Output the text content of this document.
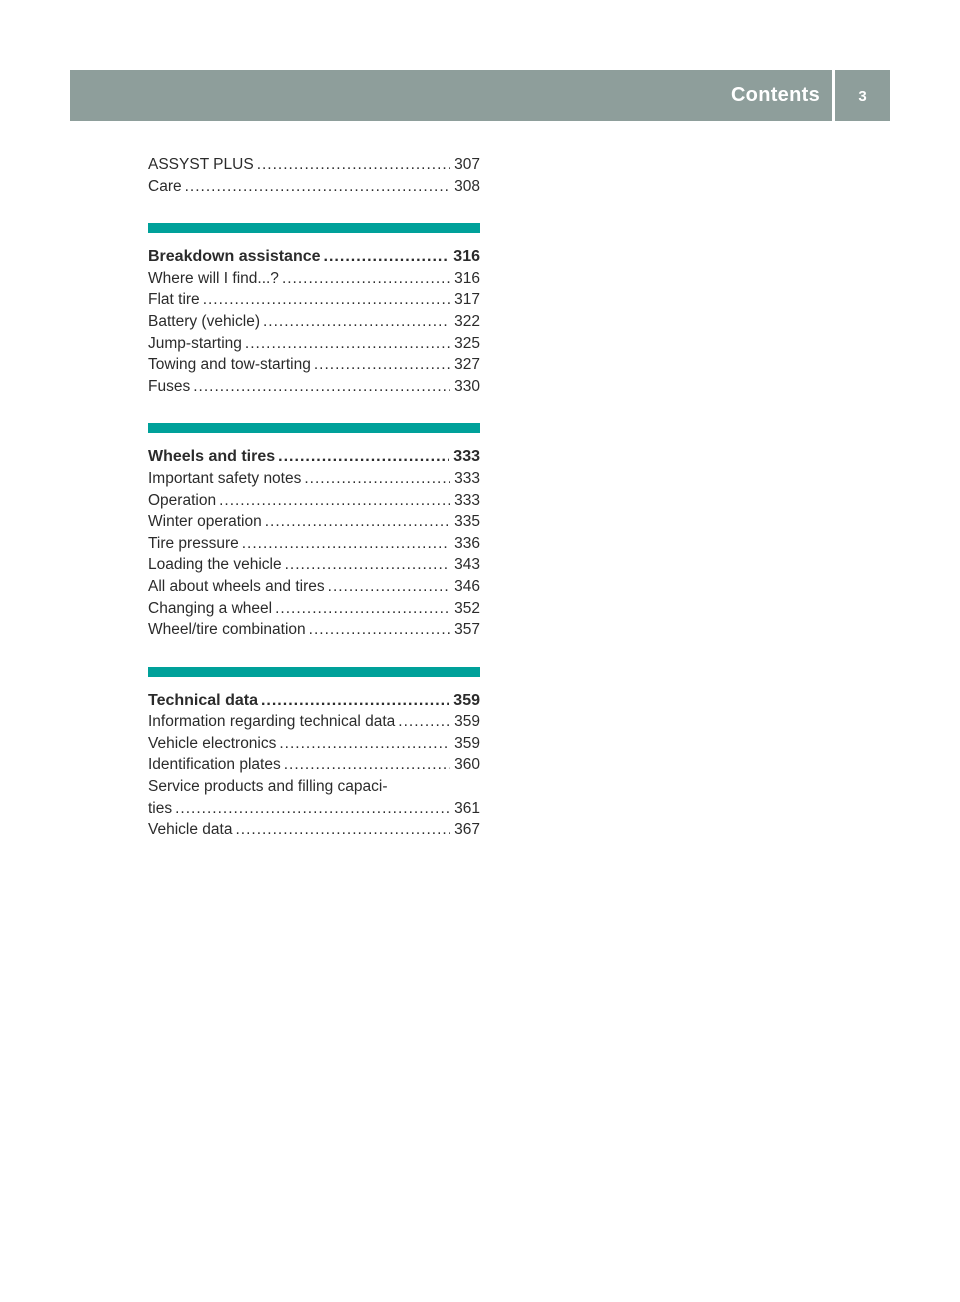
Contents	3
ASSYST PLUS .....	307
Care .....	308
Breakdown assistance .....	316
Where will I find...? .....	316
Flat tire .....	317
Battery (vehicle) .....	322
Jump-starting .....	325
Towing and tow-starting .....	327
Fuses .....	330
Wheels and tires .....	333
Important safety notes .....	333
Operation .....	333
Winter operation .....	335
Tire pressure .....	336
Loading the vehicle .....	343
All about wheels and tires .....	346
Changing a wheel .....	352
Wheel/tire combination .....	357
Technical data .....	359
Information regarding technical data .....	359
Vehicle electronics .....	359
Identification plates .....	360
Service products and filling capaci-
ties .....	361
Vehicle data .....	367
